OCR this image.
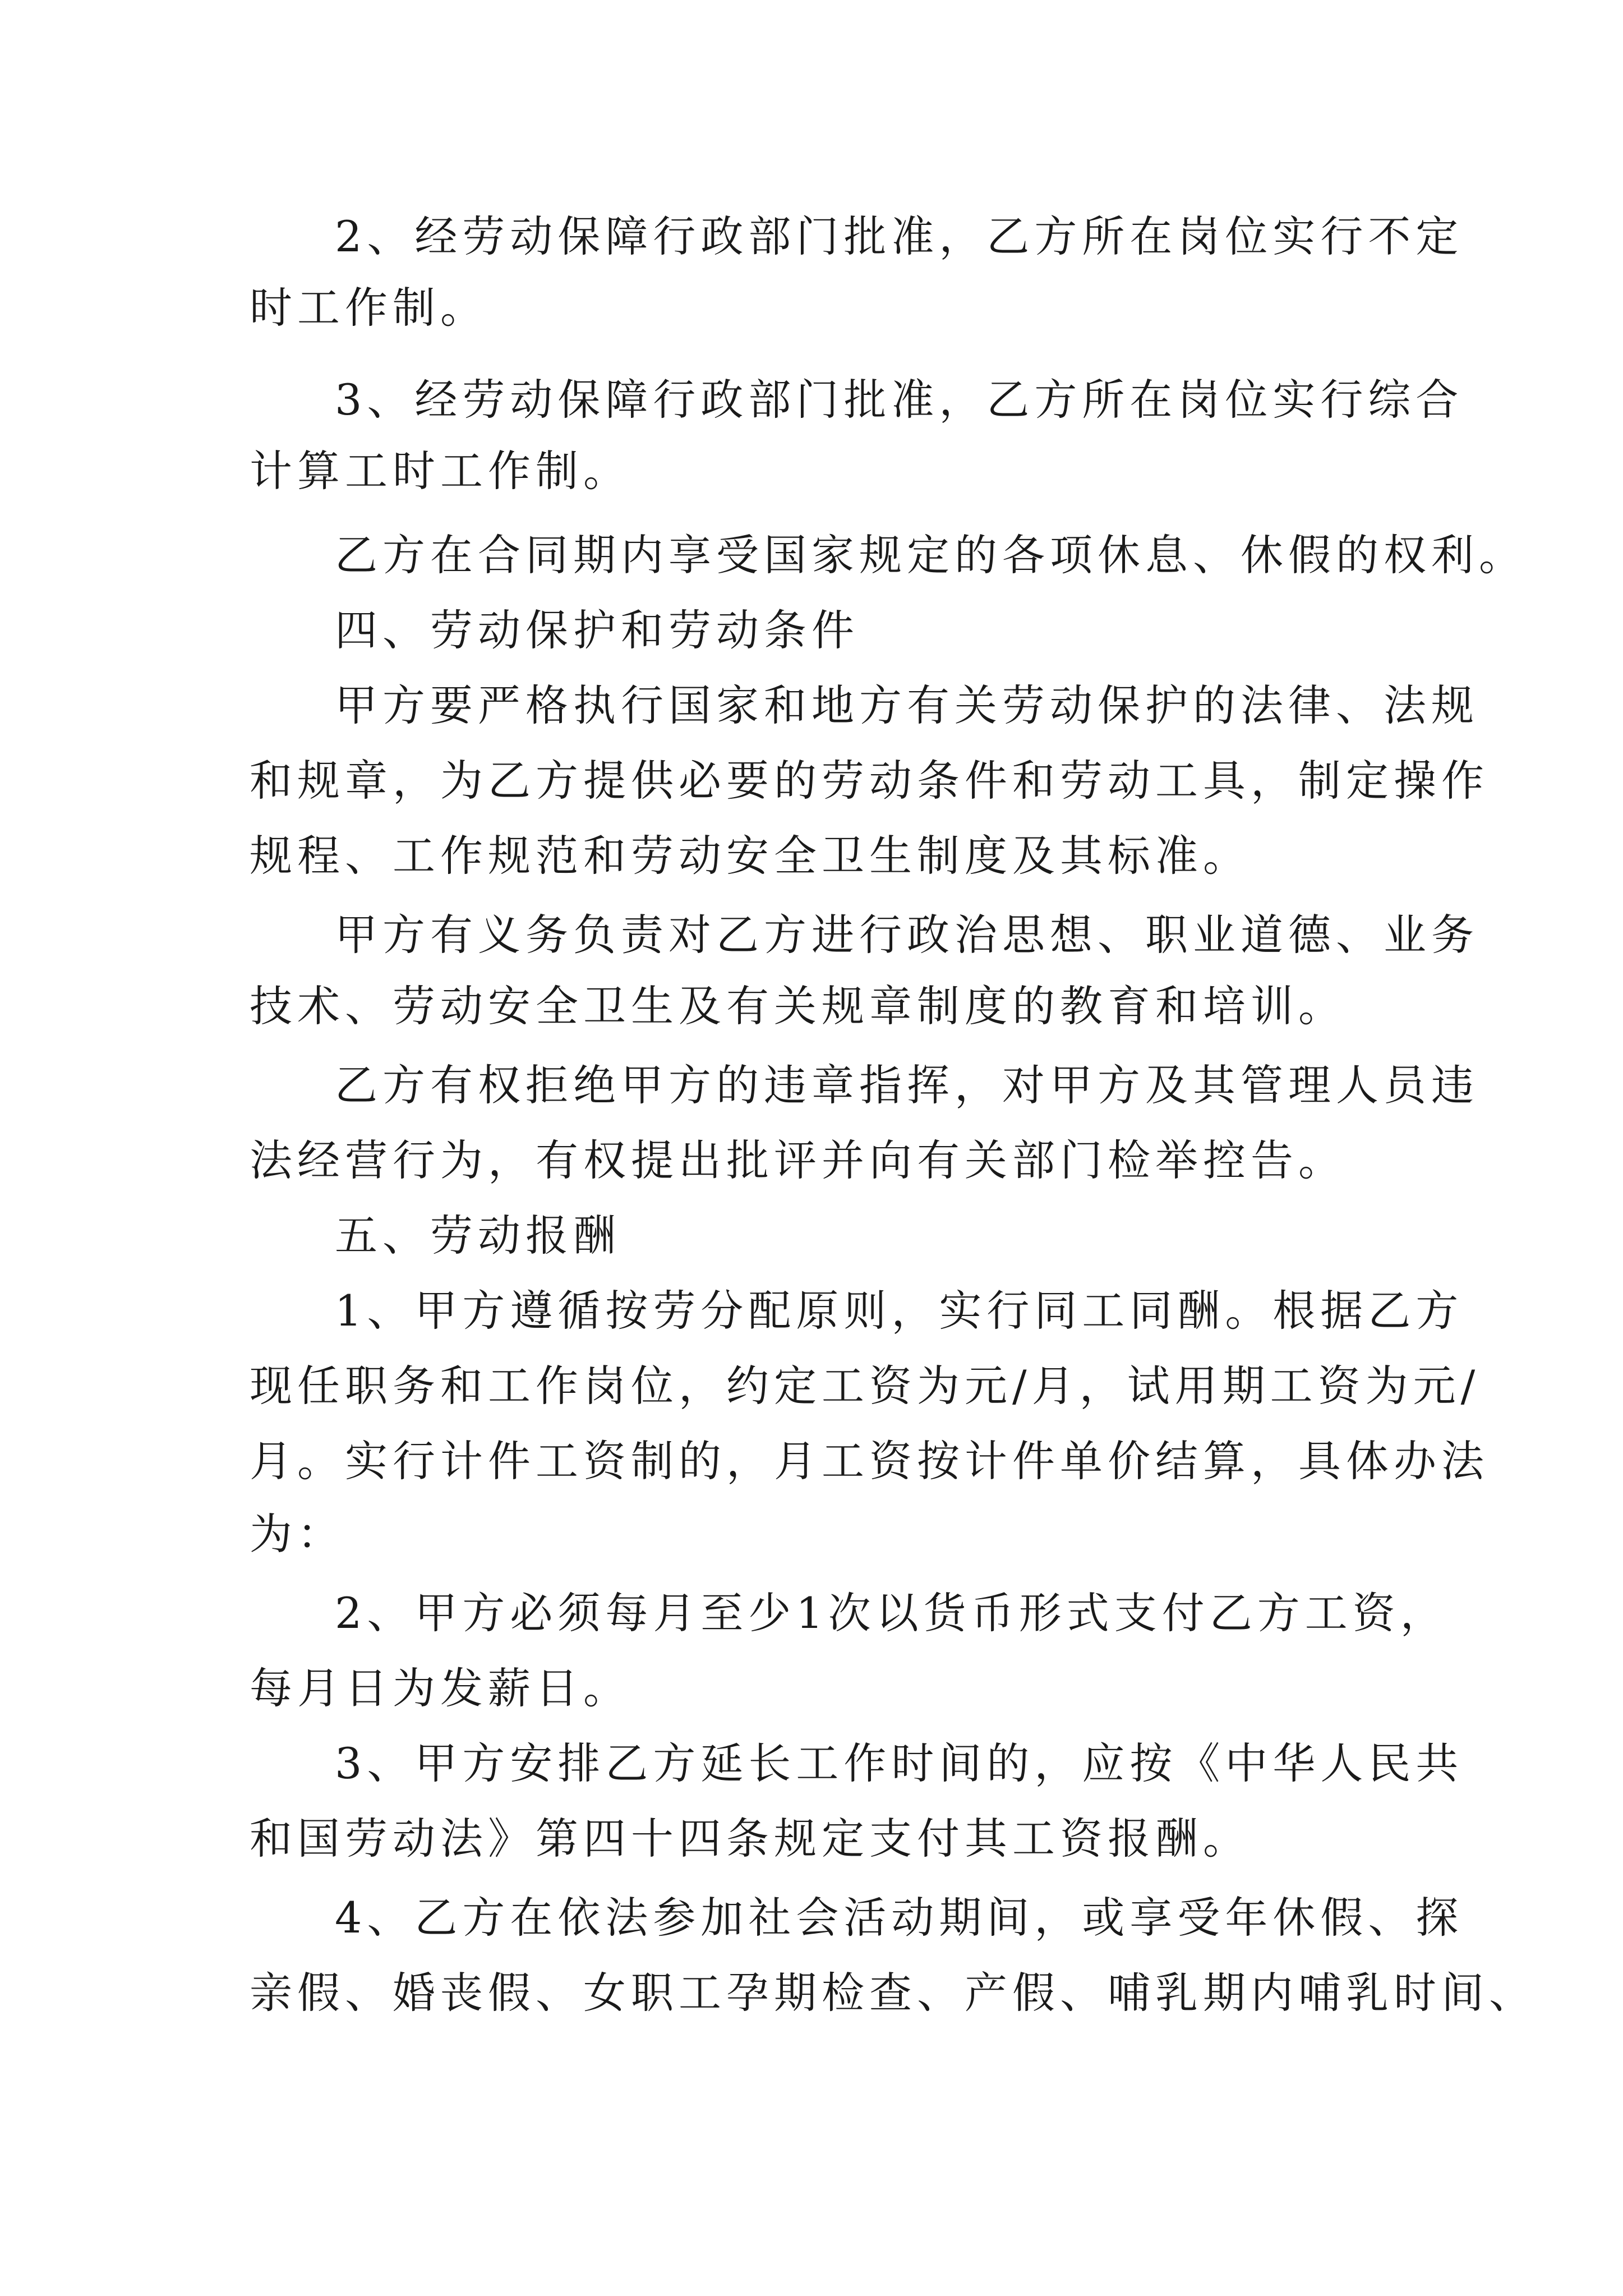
2、经劳动保障行政部门批准，乙方所在岗位实行不定
时工作制。
3、经劳动保障行政部门批准，乙方所在岗位实行综合
计算工时工作制。
乙方在合同期内享受国家规定的各项休息、休假的权利。
四、劳动保护和劳动条件
甲方要严格执行国家和地方有关劳动保护的法律、法规
和规章，为乙方提供必要的劳动条件和劳动工具，制定操作
规程、工作规范和劳动安全卫生制度及其标准。
甲方有义务负责对乙方进行政治思想、职业道德、业务
技术、劳动安全卫生及有关规章制度的教育和培训。
乙方有权拒绝甲方的违章指挥，对甲方及其管理人员违
法经营行为，有权提出批评并向有关部门检举控告。
五、劳动报酬
1、甲方遵循按劳分配原则，实行同工同酬。根据乙方
现任职务和工作岗位，约定工资为元/月，试用期工资为元/
月。实行计件工资制的，月工资按计件单价结算，具体办法
为：
2、甲方必须每月至少1次以货币形式支付乙方工资，
每月日为发薪日。
3、甲方安排乙方延长工作时间的，应按《中华人民共
和国劳动法》第四十四条规定支付其工资报酬。
4、乙方在依法参加社会活动期间，或享受年休假、探
亲假、婚丧假、女职工孕期检查、产假、哺乳期内哺乳时间、
